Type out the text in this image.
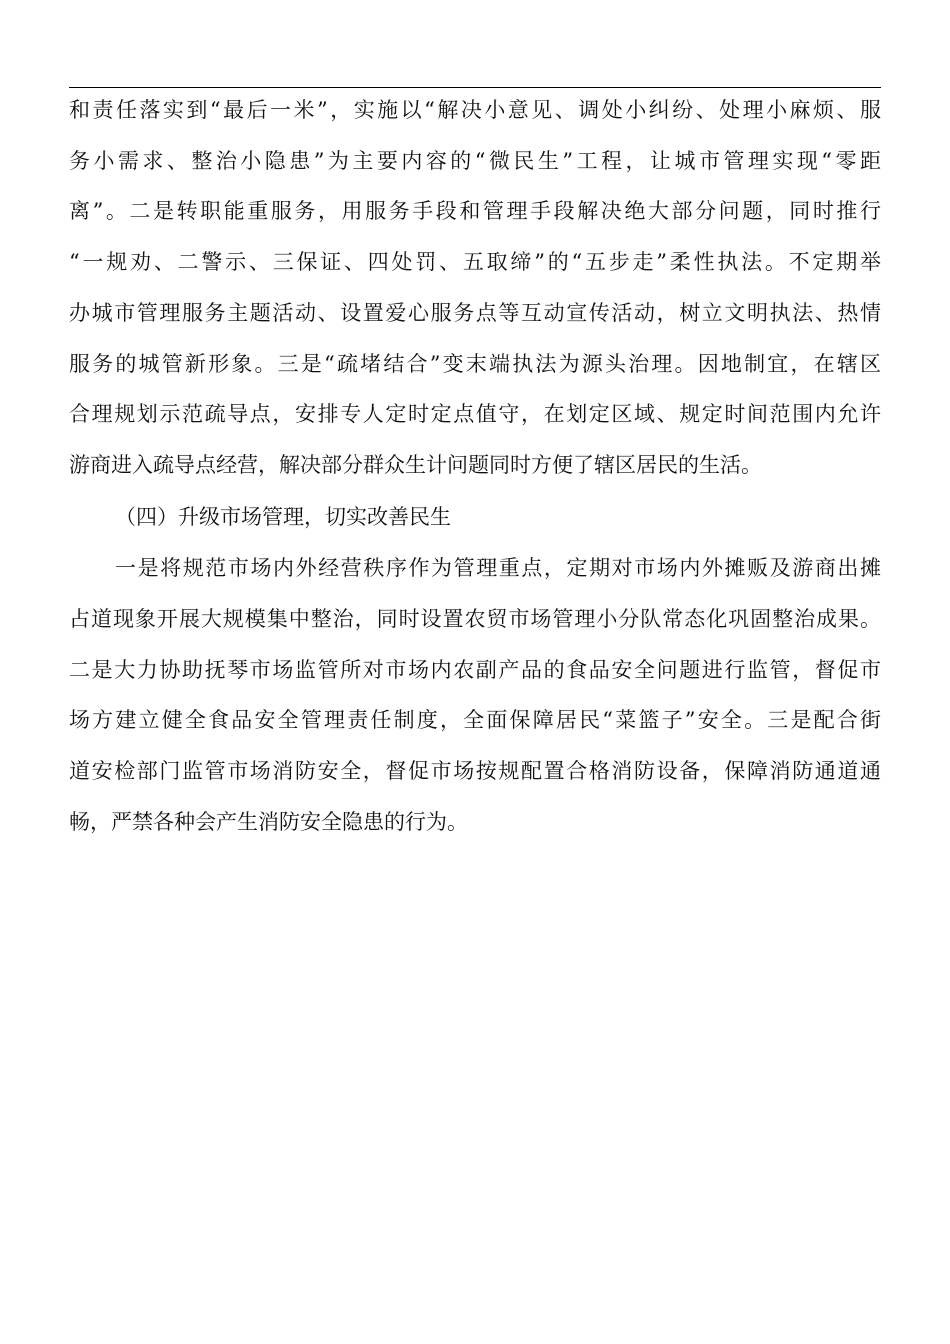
和责任落实到“最后一米”，实施以“解决小意见、调处小纠纷、处理小麻烦、服
务小需求、整治小隐患”为主要内容的“微民生”工程，让城市管理实现“零距
离”。二是转职能重服务，用服务手段和管理手段解决绝大部分问题，同时推行
“一规劝、二警示、三保证、四处罚、五取缔”的“五步走”柔性执法。不定期举
办城市管理服务主题活动、设置爱心服务点等互动宣传活动，树立文明执法、热情
服务的城管新形象。三是“疏堵结合”变末端执法为源头治理。因地制宜，在辖区
合理规划示范疏导点，安排专人定时定点值守，在划定区域、规定时间范围内允许
游商进入疏导点经营，解决部分群众生计问题同时方便了辖区居民的生活。
（四）升级市场管理，切实改善民生
一是将规范市场内外经营秩序作为管理重点，定期对市场内外摊贩及游商出摊
占道现象开展大规模集中整治，同时设置农贸市场管理小分队常态化巩固整治成果。
二是大力协助抚琴市场监管所对市场内农副产品的食品安全问题进行监管，督促市
场方建立健全食品安全管理责任制度，全面保障居民“菜篮子”安全。三是配合街
道安检部门监管市场消防安全，督促市场按规配置合格消防设备，保障消防通道通
畅，严禁各种会产生消防安全隐患的行为。
